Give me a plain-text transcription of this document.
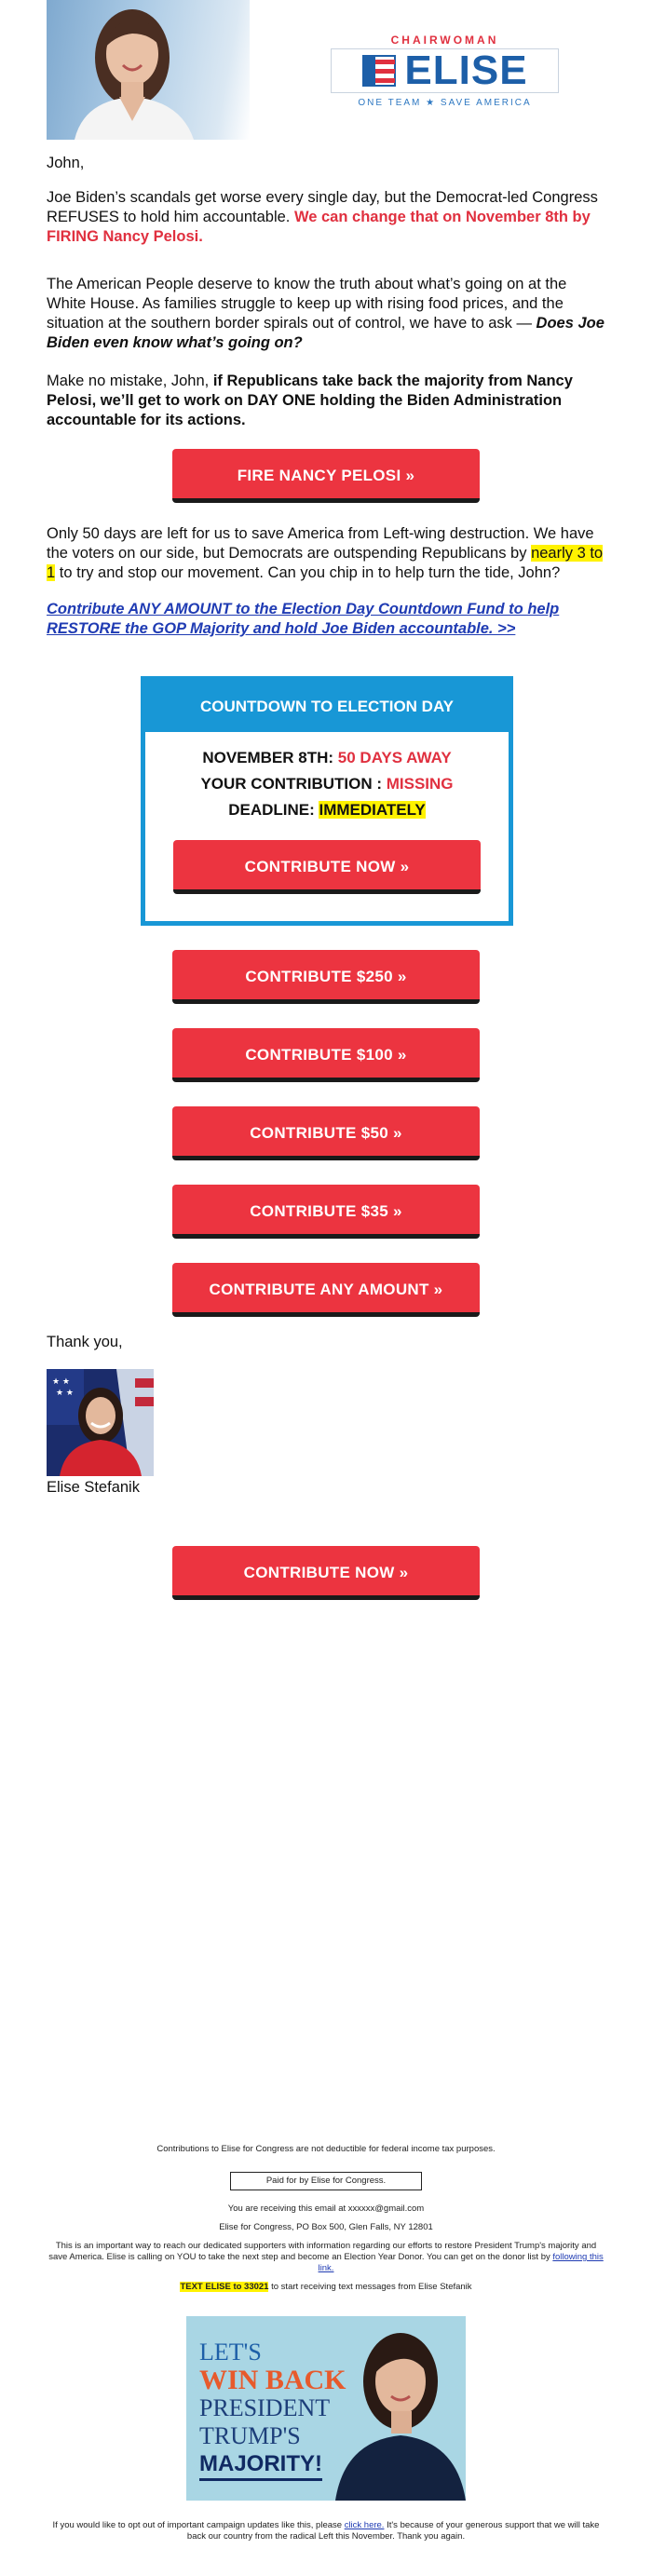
CHAIRWOMAN
ELISE
ONE TEAM ★ SAVE AMERICA

John,

Joe Biden’s scandals get worse every single day, but the Democrat-led Congress REFUSES to hold him accountable. We can change that on November 8th by FIRING Nancy Pelosi.

The American People deserve to know the truth about what’s going on at the White House. As families struggle to keep up with rising food prices, and the situation at the southern border spirals out of control, we have to ask — Does Joe Biden even know what’s going on?

Make no mistake, John, if Republicans take back the majority from Nancy Pelosi, we’ll get to work on DAY ONE holding the Biden Administration accountable for its actions.

FIRE NANCY PELOSI »

Only 50 days are left for us to save America from Left-wing destruction. We have the voters on our side, but Democrats are outspending Republicans by nearly 3 to 1 to try and stop our movement. Can you chip in to help turn the tide, John?

Contribute ANY AMOUNT to the Election Day Countdown Fund to help RESTORE the GOP Majority and hold Joe Biden accountable. >>

COUNTDOWN TO ELECTION DAY
NOVEMBER 8TH: 50 DAYS AWAY
YOUR CONTRIBUTION : MISSING
DEADLINE: IMMEDIATELY
CONTRIBUTE NOW »
CONTRIBUTE $250 »
CONTRIBUTE $100 »
CONTRIBUTE $50 »
CONTRIBUTE $35 »
CONTRIBUTE ANY AMOUNT »
Thank you,
★ ★
★ ★
Elise Stefanik
CONTRIBUTE NOW »

Contributions to Elise for Congress are not deductible for federal income tax purposes.

Paid for by Elise for Congress.

You are receiving this email at xxxxxx@gmail.com

Elise for Congress, PO Box 500, Glen Falls, NY 12801

This is an important way to reach our dedicated supporters with information regarding our efforts to restore President Trump's majority and save America. Elise is calling on YOU to take the next step and become an Election Year Donor. You can get on the donor list by following this link.

TEXT ELISE to 33021 to start receiving text messages from Elise Stefanik

LET'S
WIN BACK
PRESIDENT
TRUMP'S
MAJORITY!
If you would like to opt out of important campaign updates like this, please click here. It's because of your generous support that we will take back our country from the radical Left this November. Thank you again.
